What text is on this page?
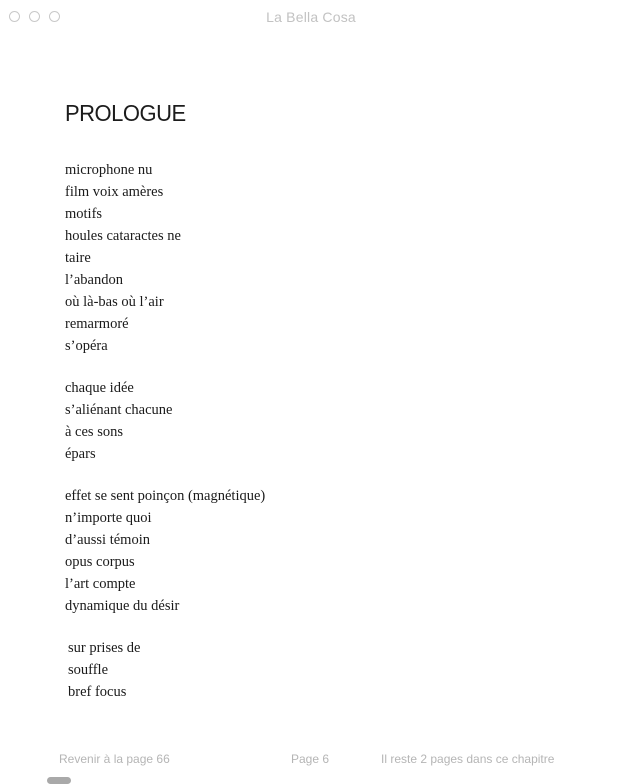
La Bella Cosa
PROLOGUE
microphone nu
film voix amères
motifs
houles cataractes ne
taire
l’abandon
où là-bas où l’air
remarmoré
s’opéra
chaque idée
s’aliénant chacune
à ces sons
épars
effet se sent poinçon (magnétique)
n’importe quoi
d’aussi témoin
opus corpus
l’art compte
dynamique du désir
sur prises de
souffle
bref focus
Revenir à la page 66	Page 6	Il reste 2 pages dans ce chapitre
